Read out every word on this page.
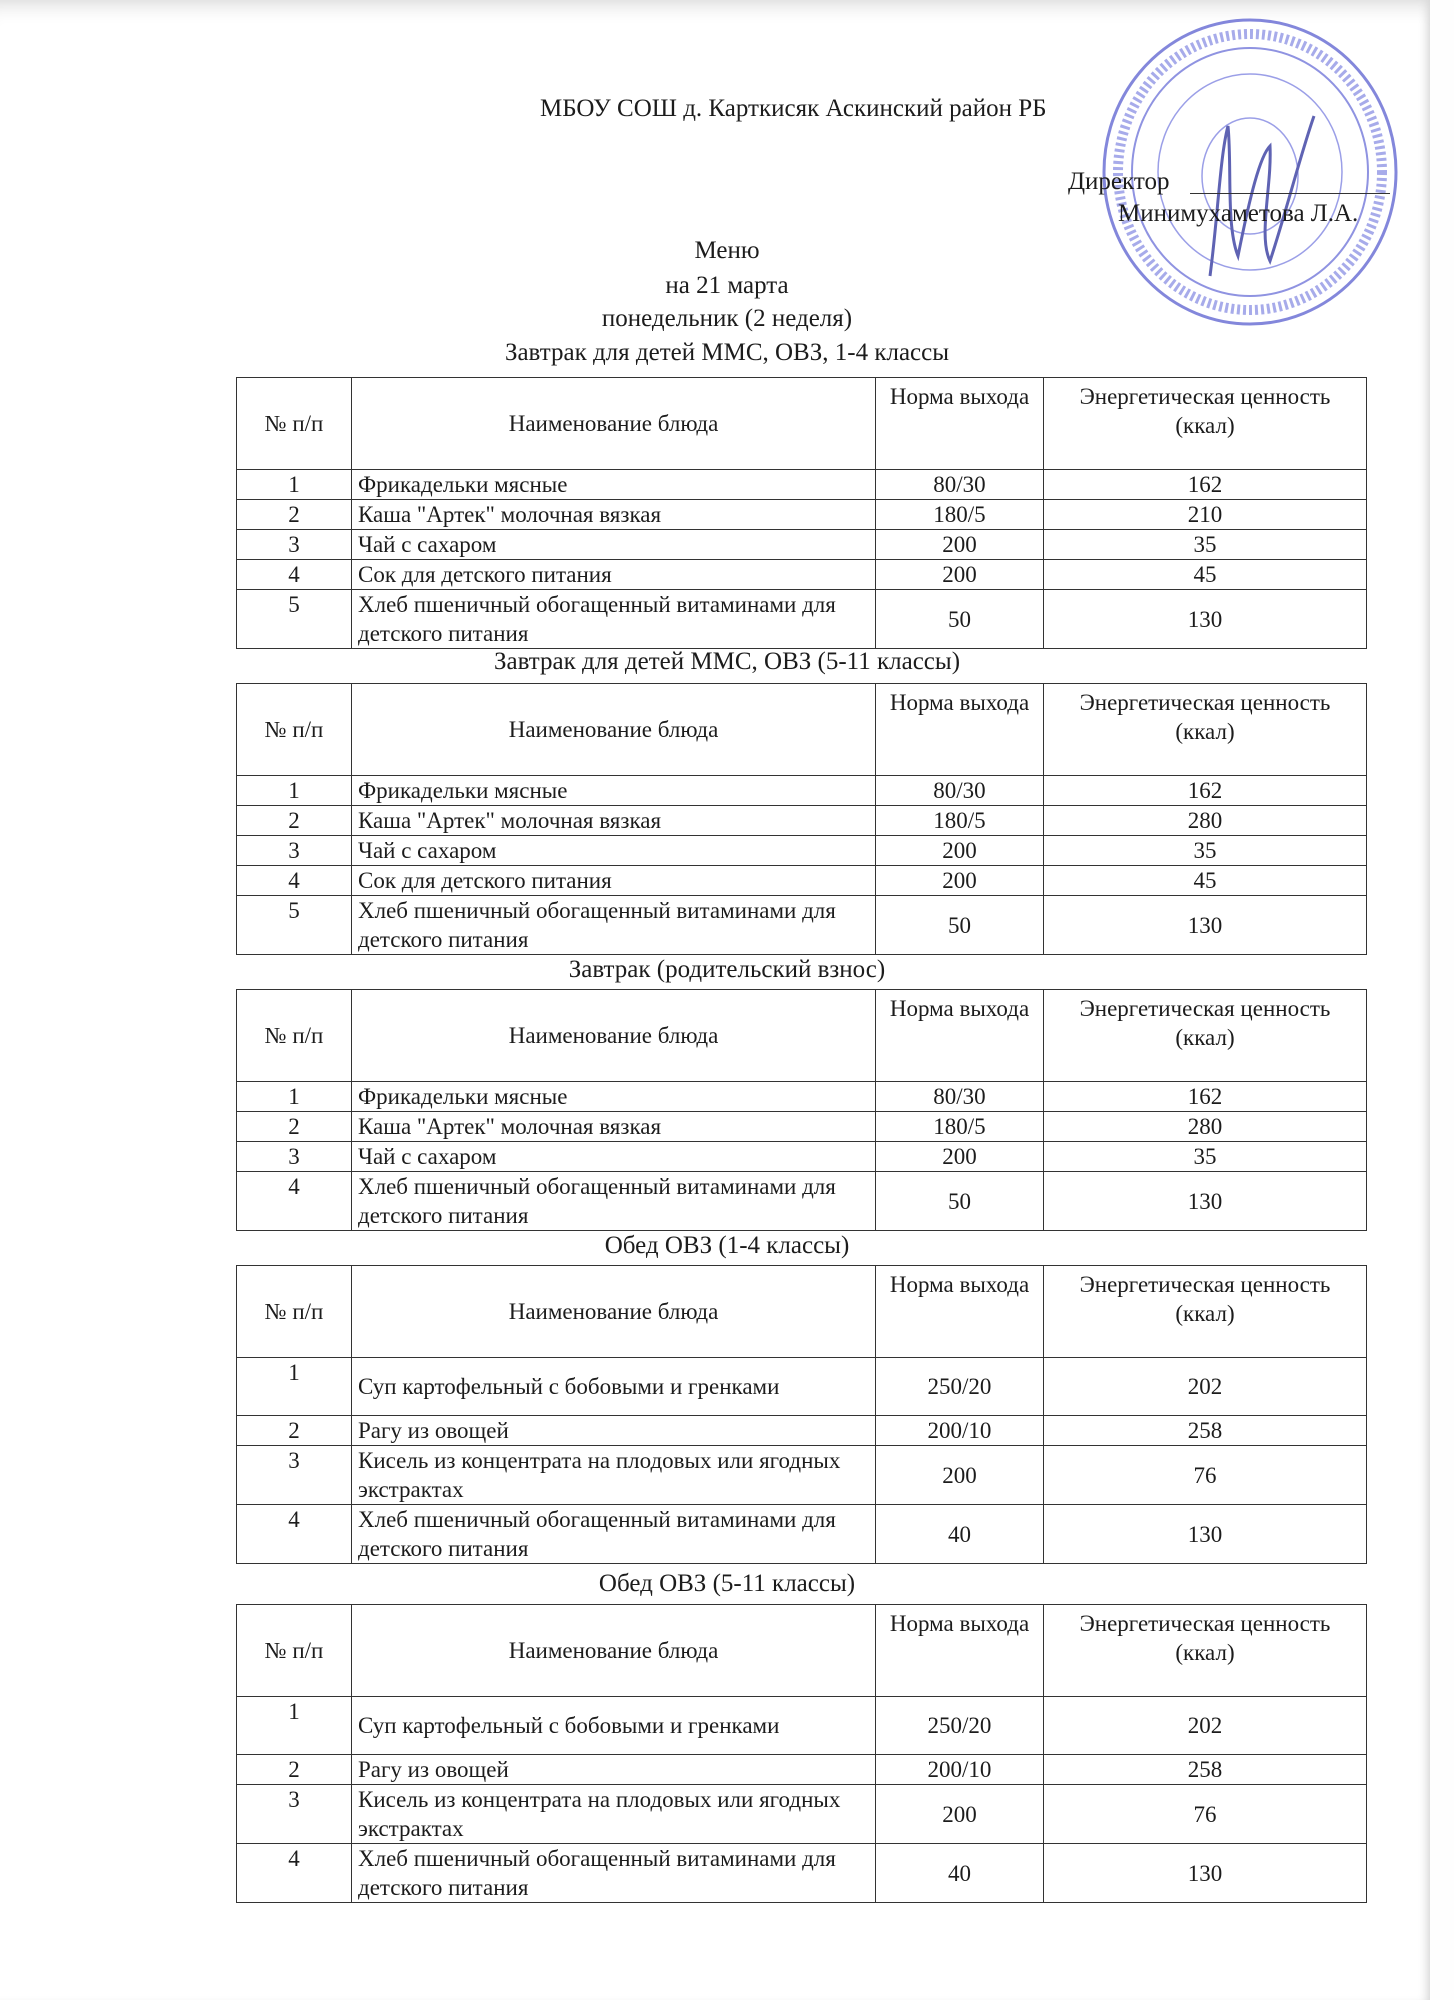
МБОУ СОШ д. Карткисяк Аскинский район РБ
Директор
Минимухаметова Л.А.
Меню
на 21 марта
понедельник (2 неделя)
Завтрак для детей ММС, ОВЗ, 1-4 классы
№ п/п	Наименование блюда	Норма выхода	Энергетическая ценность (ккал)
1	Фрикадельки мясные	80/30	162
2	Каша "Артек" молочная вязкая	180/5	210
3	Чай с сахаром	200	35
4	Сок для детского питания	200	45
5	Хлеб пшеничный обогащенный витаминами для детского питания	50	130
Завтрак для детей ММС, ОВЗ (5-11 классы)
№ п/п	Наименование блюда	Норма выхода	Энергетическая ценность (ккал)
1	Фрикадельки мясные	80/30	162
2	Каша "Артек" молочная вязкая	180/5	280
3	Чай с сахаром	200	35
4	Сок для детского питания	200	45
5	Хлеб пшеничный обогащенный витаминами для детского питания	50	130
Завтрак (родительский взнос)
№ п/п	Наименование блюда	Норма выхода	Энергетическая ценность (ккал)
1	Фрикадельки мясные	80/30	162
2	Каша "Артек" молочная вязкая	180/5	280
3	Чай с сахаром	200	35
4	Хлеб пшеничный обогащенный витаминами для детского питания	50	130
Обед ОВЗ (1-4 классы)
№ п/п	Наименование блюда	Норма выхода	Энергетическая ценность (ккал)
1	Суп картофельный с бобовыми и гренками	250/20	202
2	Рагу из овощей	200/10	258
3	Кисель из концентрата на плодовых или ягодных экстрактах	200	76
4	Хлеб пшеничный обогащенный витаминами для детского питания	40	130
Обед ОВЗ (5-11 классы)
№ п/п	Наименование блюда	Норма выхода	Энергетическая ценность (ккал)
1	Суп картофельный с бобовыми и гренками	250/20	202
2	Рагу из овощей	200/10	258
3	Кисель из концентрата на плодовых или ягодных экстрактах	200	76
4	Хлеб пшеничный обогащенный витаминами для детского питания	40	130
